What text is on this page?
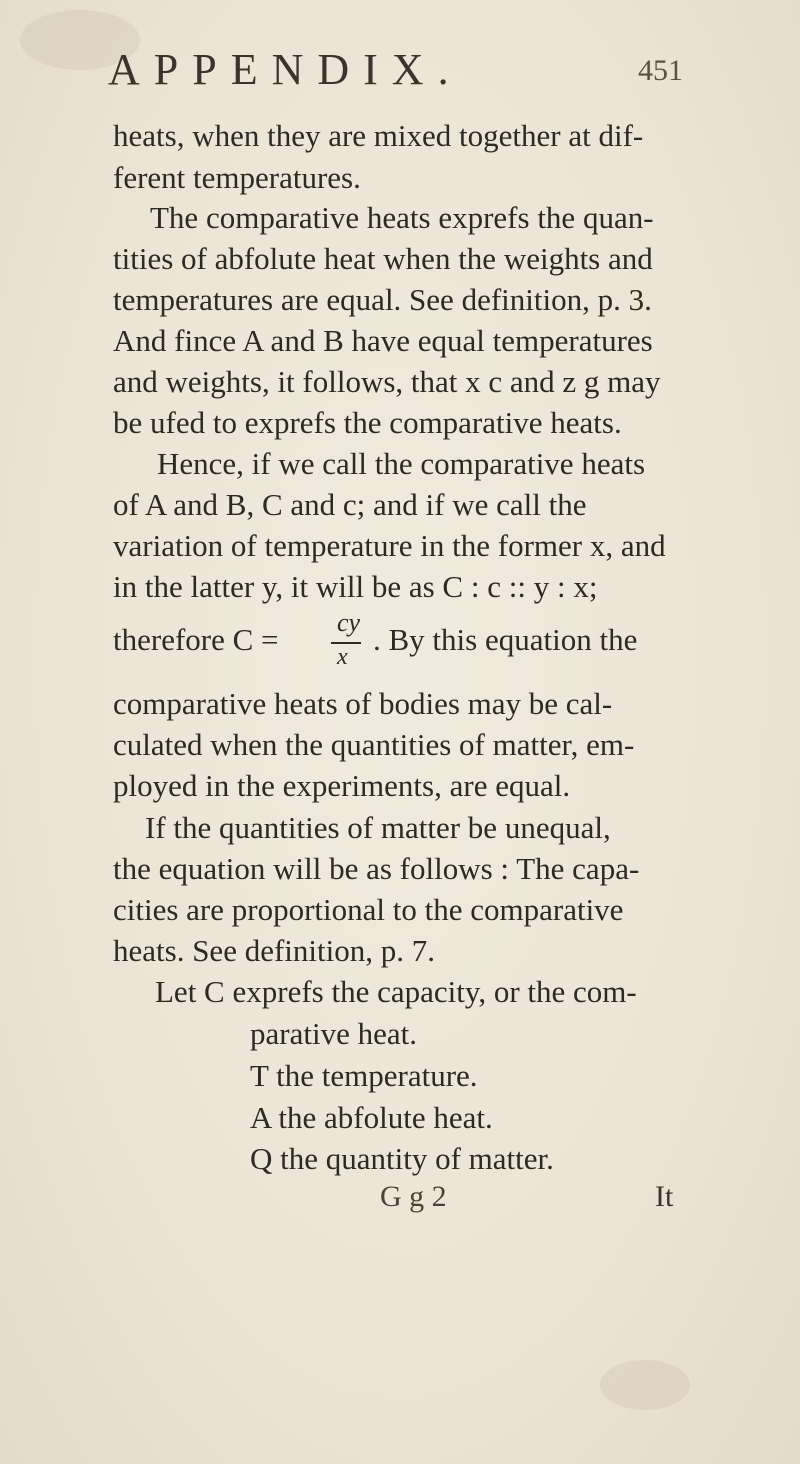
APPENDIX.	451
heats, when they are mixed together at dif-
ferent temperatures.
The comparative heats exprefs the quan-
tities of abfolute heat when the weights and
temperatures are equal. See definition, p. 3.
And fince A and B have equal temperatures
and weights, it follows, that x c and z g may
be ufed to exprefs the comparative heats.
Hence, if we call the comparative heats
of A and B, C and c; and if we call the
variation of temperature in the former x, and
in the latter y, it will be as C : c :: y : x;
therefore C = cy
x . By this equation the
comparative heats of bodies may be cal-
culated when the quantities of matter, em-
ployed in the experiments, are equal.
If the quantities of matter be unequal,
the equation will be as follows : The capa-
cities are proportional to the comparative
heats. See definition, p. 7.
Let C exprefs the capacity, or the com-
parative heat.
T the temperature.
A the abfolute heat.
Q the quantity of matter.
G g 2	It
